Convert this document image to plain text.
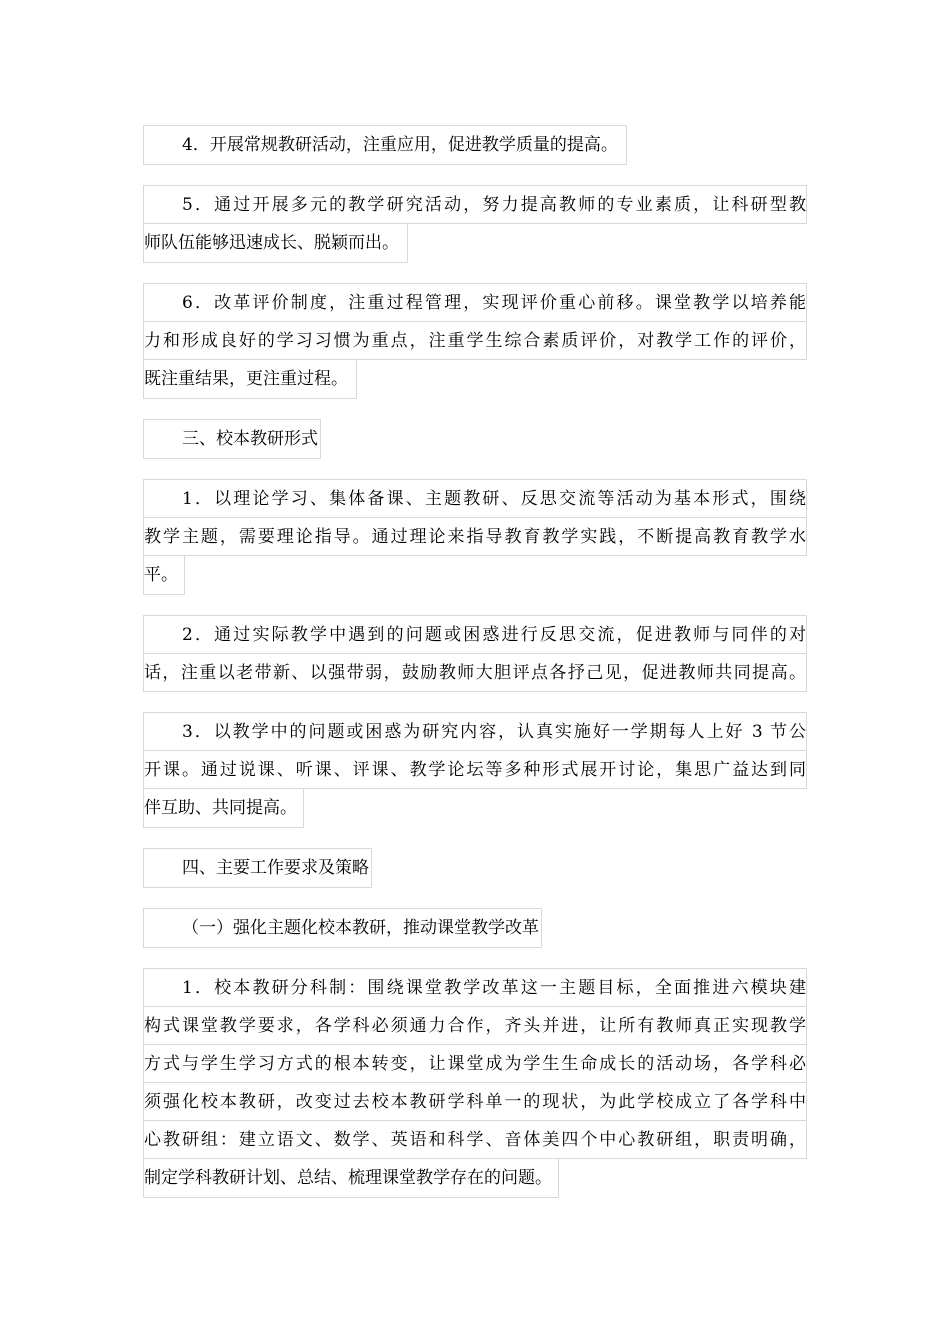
4．开展常规教研活动，注重应用，促进教学质量的提高。

5．通过开展多元的教学研究活动，努力提高教师的专业素质，让科研型教
师队伍能够迅速成长、脱颖而出。

6．改革评价制度，注重过程管理，实现评价重心前移。课堂教学以培养能
力和形成良好的学习习惯为重点，注重学生综合素质评价，对教学工作的评价，
既注重结果，更注重过程。

三、校本教研形式

1．以理论学习、集体备课、主题教研、反思交流等活动为基本形式，围绕
教学主题，需要理论指导。通过理论来指导教育教学实践，不断提高教育教学水
平。

2．通过实际教学中遇到的问题或困惑进行反思交流，促进教师与同伴的对
话，注重以老带新、以强带弱，鼓励教师大胆评点各抒己见，促进教师共同提高。

3．以教学中的问题或困惑为研究内容，认真实施好一学期每人上好 3 节公
开课。通过说课、听课、评课、教学论坛等多种形式展开讨论，集思广益达到同
伴互助、共同提高。

四、主要工作要求及策略

（一）强化主题化校本教研，推动课堂教学改革

1．校本教研分科制：围绕课堂教学改革这一主题目标，全面推进六模块建
构式课堂教学要求，各学科必须通力合作，齐头并进，让所有教师真正实现教学
方式与学生学习方式的根本转变，让课堂成为学生生命成长的活动场，各学科必
须强化校本教研，改变过去校本教研学科单一的现状，为此学校成立了各学科中
心教研组：建立语文、数学、英语和科学、音体美四个中心教研组，职责明确，
制定学科教研计划、总结、梳理课堂教学存在的问题。
